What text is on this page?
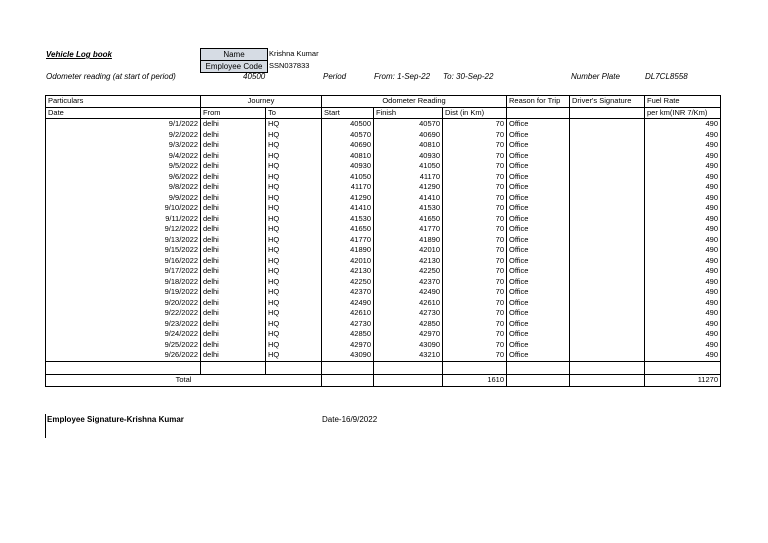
Vehicle Log book	Name	Krishna Kumar
Employee Code SSN037833
Odometer reading (at start of period)	40500	Period	From: 1-Sep-22 To: 30-Sep-22	Number Plate	DL7CL8558
Particulars	Journey		Odometer Reading			Reason for Trip	Driver's Signature	Fuel Rate
Date	From	To	Start	Finish	Dist (in Km)			per km(INR 7/Km)
9/1/2022	delhi	HQ	40500	40570	70	Office		490
9/2/2022	delhi	HQ	40570	40690	70	Office		490
9/3/2022	delhi	HQ	40690	40810	70	Office		490
9/4/2022	delhi	HQ	40810	40930	70	Office		490
9/5/2022	delhi	HQ	40930	41050	70	Office		490
9/6/2022	delhi	HQ	41050	41170	70	Office		490
9/8/2022	delhi	HQ	41170	41290	70	Office		490
9/9/2022	delhi	HQ	41290	41410	70	Office		490
9/10/2022	delhi	HQ	41410	41530	70	Office		490
9/11/2022	delhi	HQ	41530	41650	70	Office		490
9/12/2022	delhi	HQ	41650	41770	70	Office		490
9/13/2022	delhi	HQ	41770	41890	70	Office		490
9/15/2022	delhi	HQ	41890	42010	70	Office		490
9/16/2022	delhi	HQ	42010	42130	70	Office		490
9/17/2022	delhi	HQ	42130	42250	70	Office		490
9/18/2022	delhi	HQ	42250	42370	70	Office		490
9/19/2022	delhi	HQ	42370	42490	70	Office		490
9/20/2022	delhi	HQ	42490	42610	70	Office		490
9/22/2022	delhi	HQ	42610	42730	70	Office		490
9/23/2022	delhi	HQ	42730	42850	70	Office		490
9/24/2022	delhi	HQ	42850	42970	70	Office		490
9/25/2022	delhi	HQ	42970	43090	70	Office		490
9/26/2022	delhi	HQ	43090	43210	70	Office		490

Total					1610			11270
Employee Signature-Krishna Kumar	Date-16/9/2022
